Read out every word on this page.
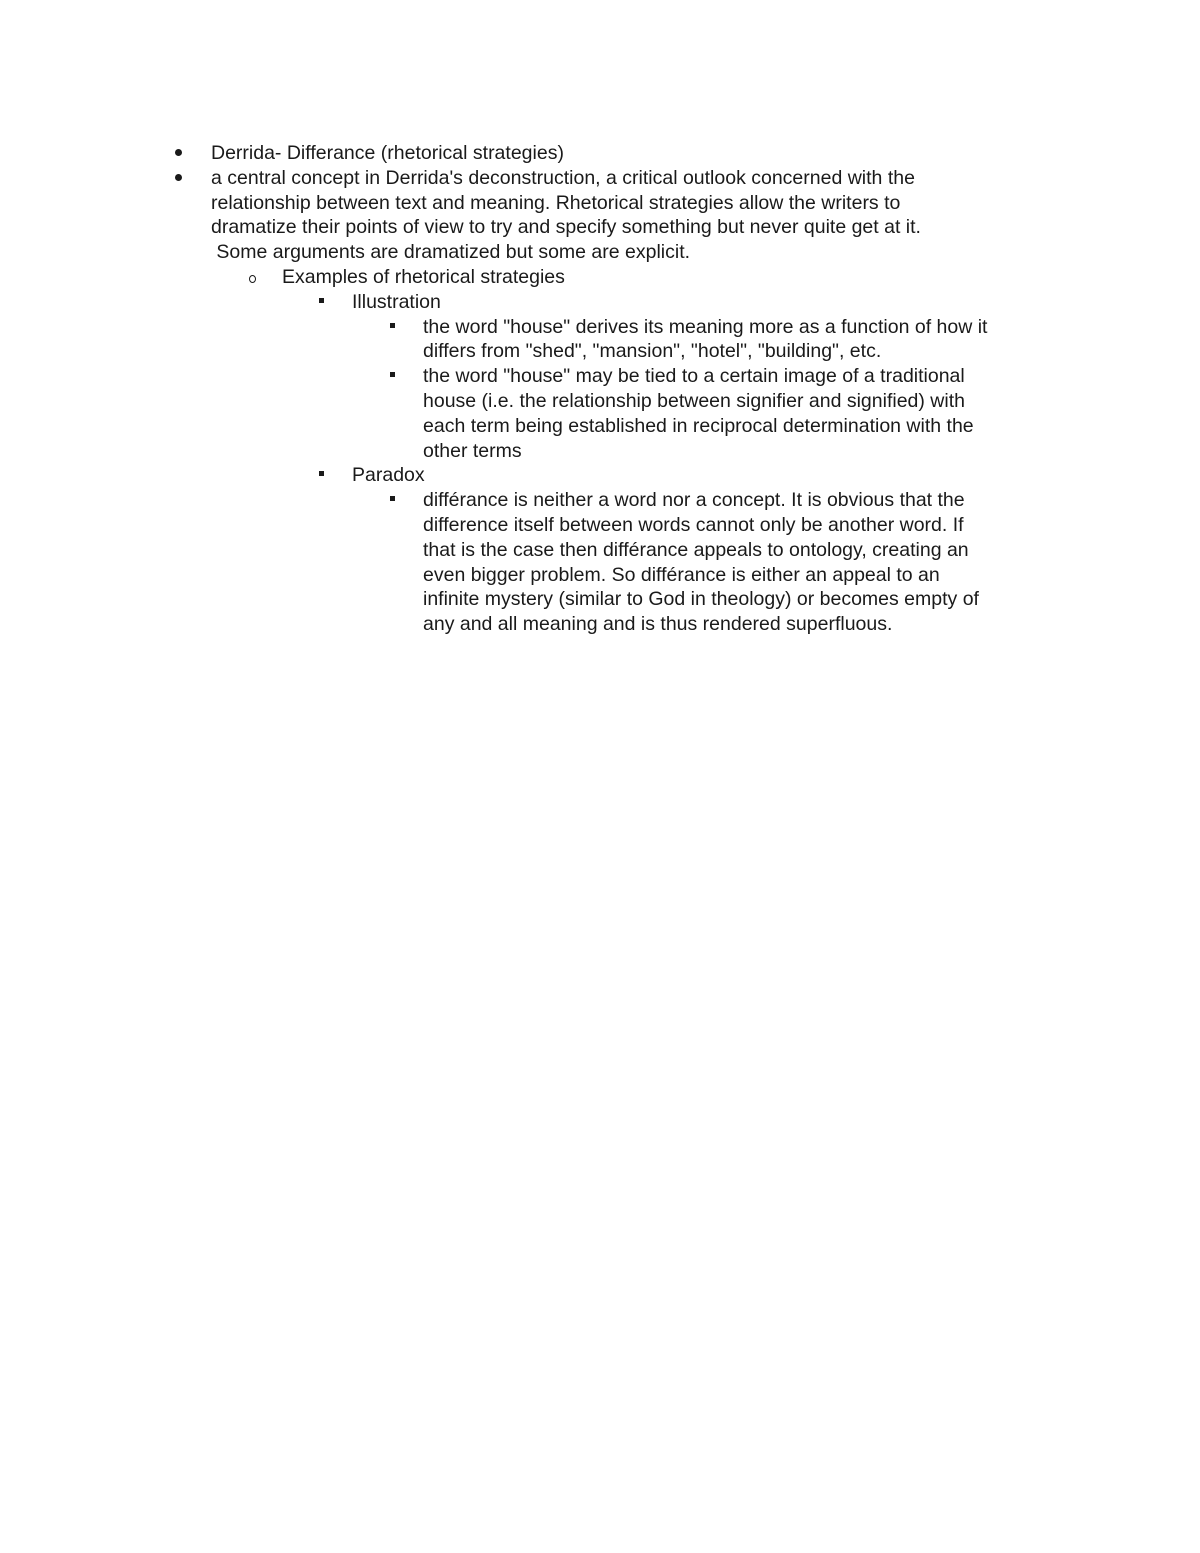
Derrida- Differance (rhetorical strategies)
a central concept in Derrida's deconstruction, a critical outlook concerned with the
relationship between text and meaning. Rhetorical strategies allow the writers to
dramatize their points of view to try and specify something but never quite get at it.
Some arguments are dramatized but some are explicit.
Examples of rhetorical strategies
Illustration
the word "house" derives its meaning more as a function of how it
differs from "shed", "mansion", "hotel", "building", etc.
the word "house" may be tied to a certain image of a traditional
house (i.e. the relationship between signifier and signified) with
each term being established in reciprocal determination with the
other terms
Paradox
différance is neither a word nor a concept. It is obvious that the
difference itself between words cannot only be another word. If
that is the case then différance appeals to ontology, creating an
even bigger problem. So différance is either an appeal to an
infinite mystery (similar to God in theology) or becomes empty of
any and all meaning and is thus rendered superfluous.
